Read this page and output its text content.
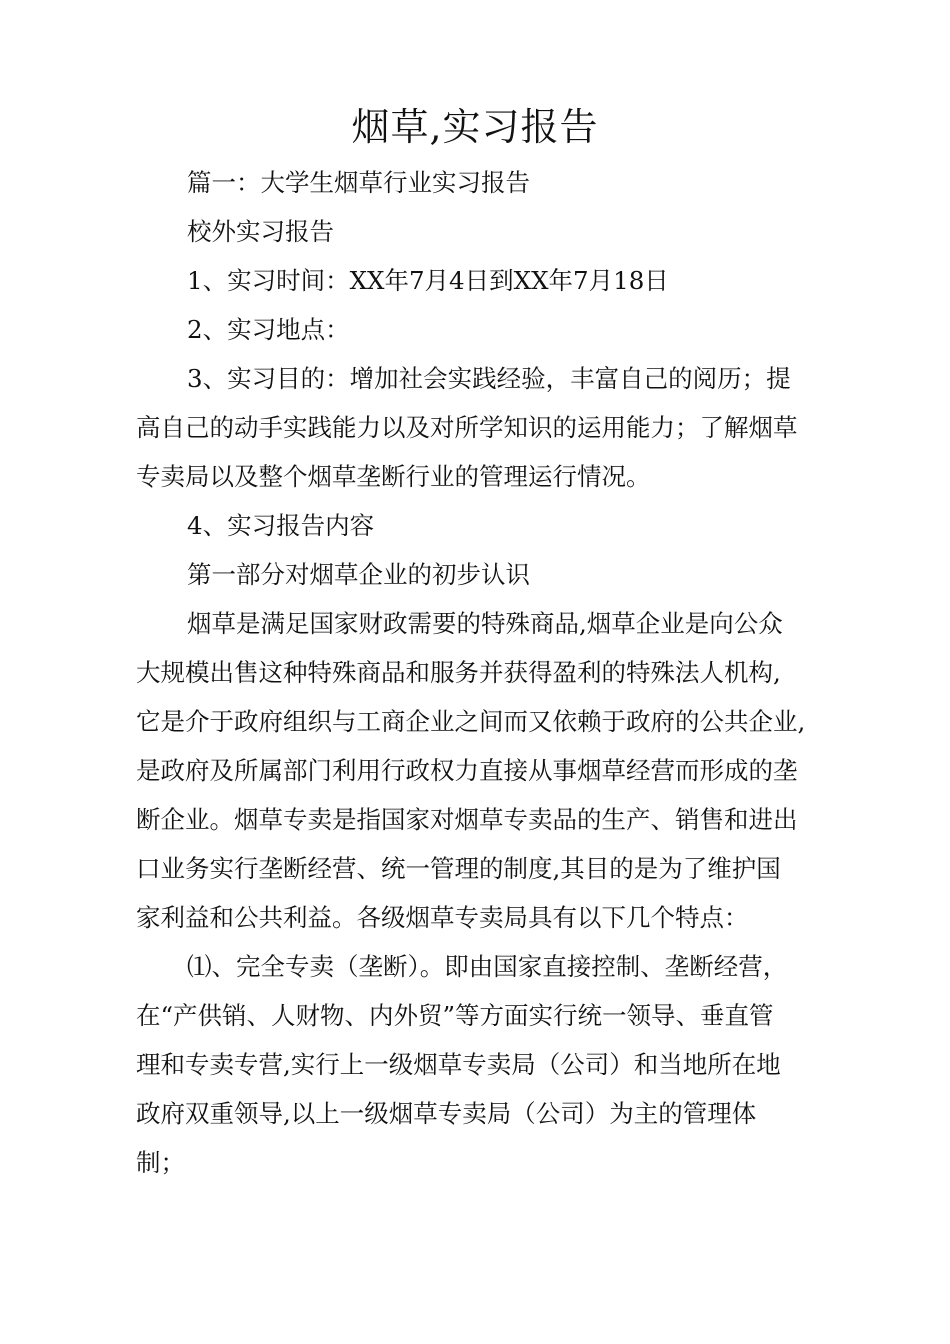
烟草,实习报告

篇一：大学生烟草行业实习报告

校外实习报告

1、实习时间：XX年7月4日到XX年7月18日

2、实习地点：

3、实习目的：增加社会实践经验，丰富自己的阅历；提

高自己的动手实践能力以及对所学知识的运用能力；了解烟草

专卖局以及整个烟草垄断行业的管理运行情况。

4、实习报告内容

第一部分对烟草企业的初步认识

烟草是满足国家财政需要的特殊商品,烟草企业是向公众

大规模出售这种特殊商品和服务并获得盈利的特殊法人机构,

它是介于政府组织与工商企业之间而又依赖于政府的公共企业,

是政府及所属部门利用行政权力直接从事烟草经营而形成的垄

断企业。烟草专卖是指国家对烟草专卖品的生产、销售和进出

口业务实行垄断经营、统一管理的制度,其目的是为了维护国

家利益和公共利益。各级烟草专卖局具有以下几个特点：

⑴、完全专卖（垄断）。即由国家直接控制、垄断经营，

在“产供销、人财物、内外贸”等方面实行统一领导、垂直管

理和专卖专营,实行上一级烟草专卖局（公司）和当地所在地

政府双重领导,以上一级烟草专卖局（公司）为主的管理体

制；
